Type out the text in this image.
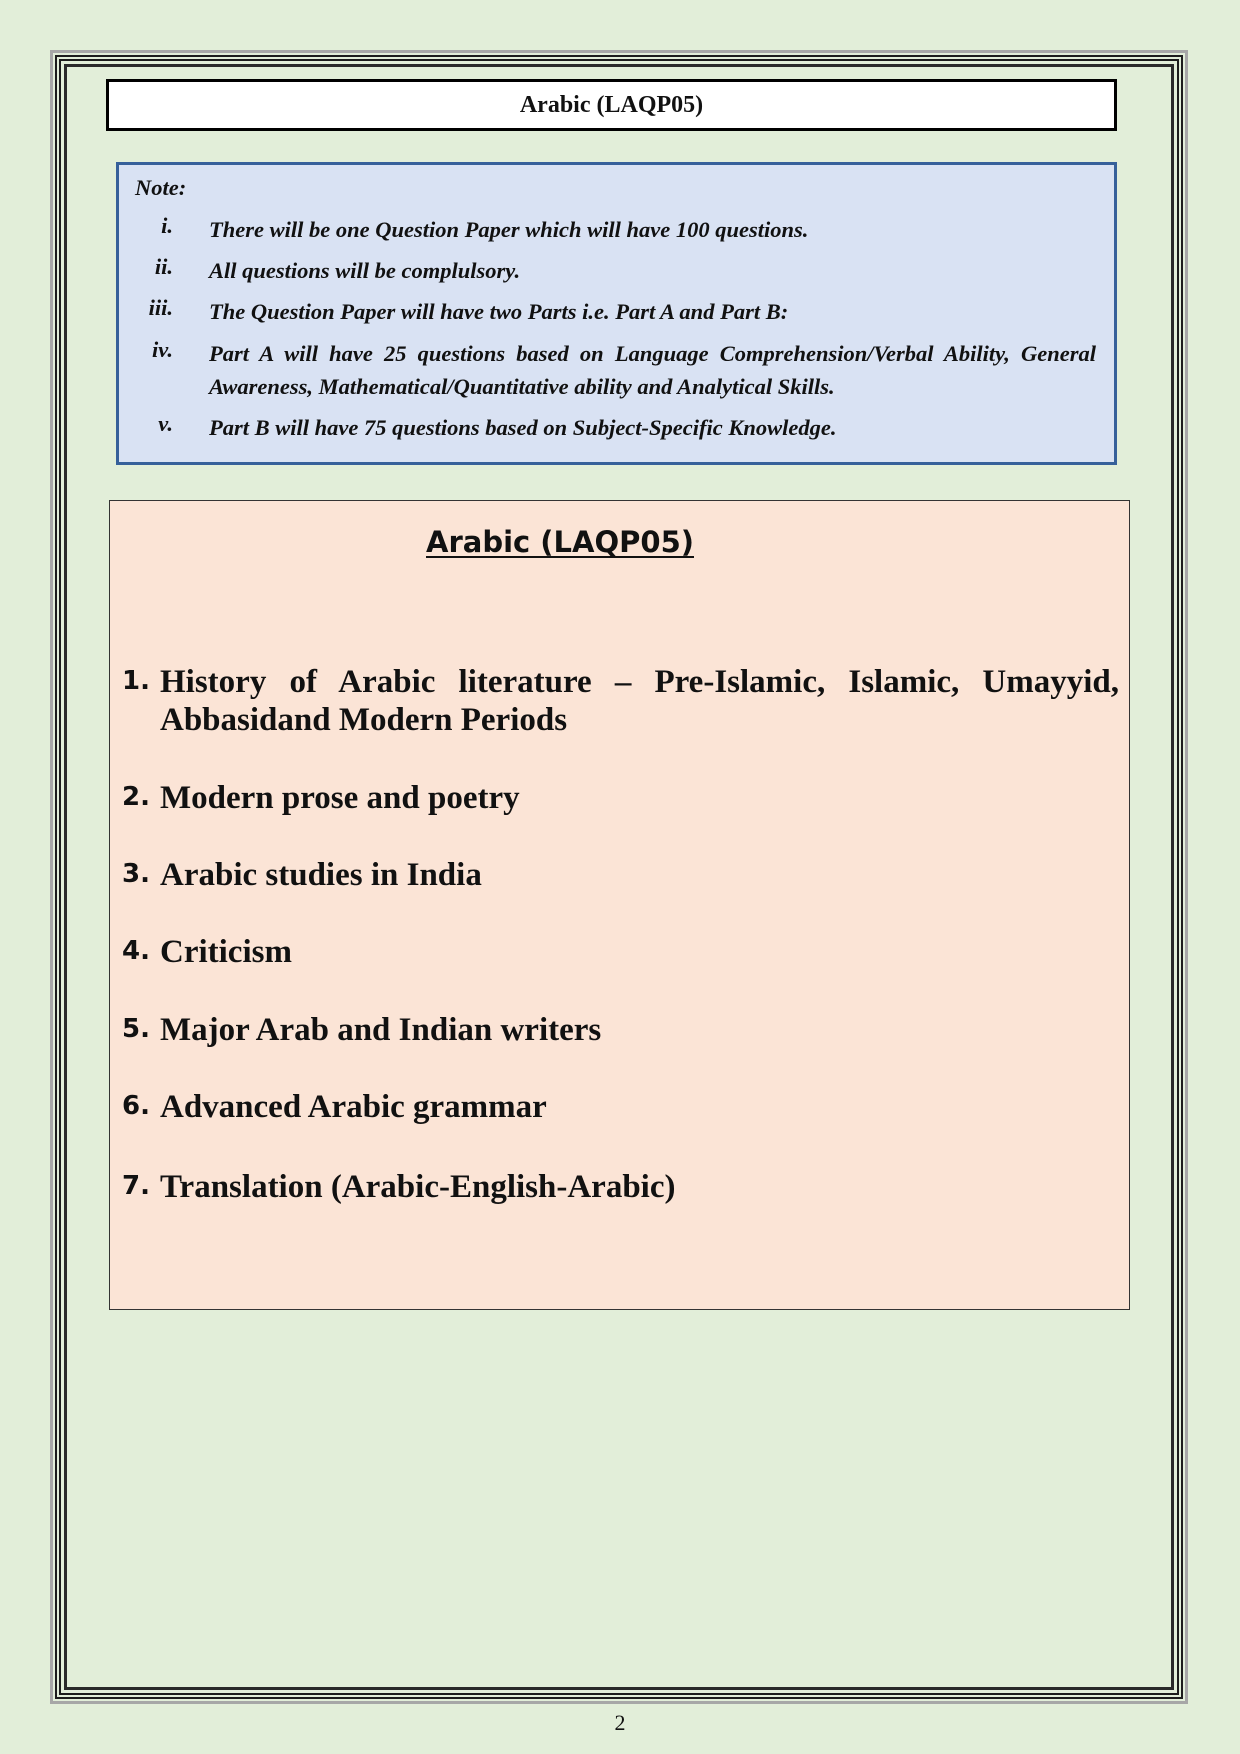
Arabic (LAQP05)
Note:
i. There will be one Question Paper which will have 100 questions.
ii. All questions will be complulsory.
iii. The Question Paper will have two Parts i.e. Part A and Part B:
iv. Part A will have 25 questions based on Language Comprehension/Verbal Ability, General Awareness, Mathematical/Quantitative ability and Analytical Skills.
v. Part B will have 75 questions based on Subject-Specific Knowledge.
Arabic (LAQP05)
1. History of Arabic literature – Pre-Islamic, Islamic, Umayyid, Abbasidand Modern Periods
2. Modern prose and poetry
3. Arabic studies in India
4. Criticism
5. Major Arab and Indian writers
6. Advanced Arabic grammar
7. Translation (Arabic-English-Arabic)
2
